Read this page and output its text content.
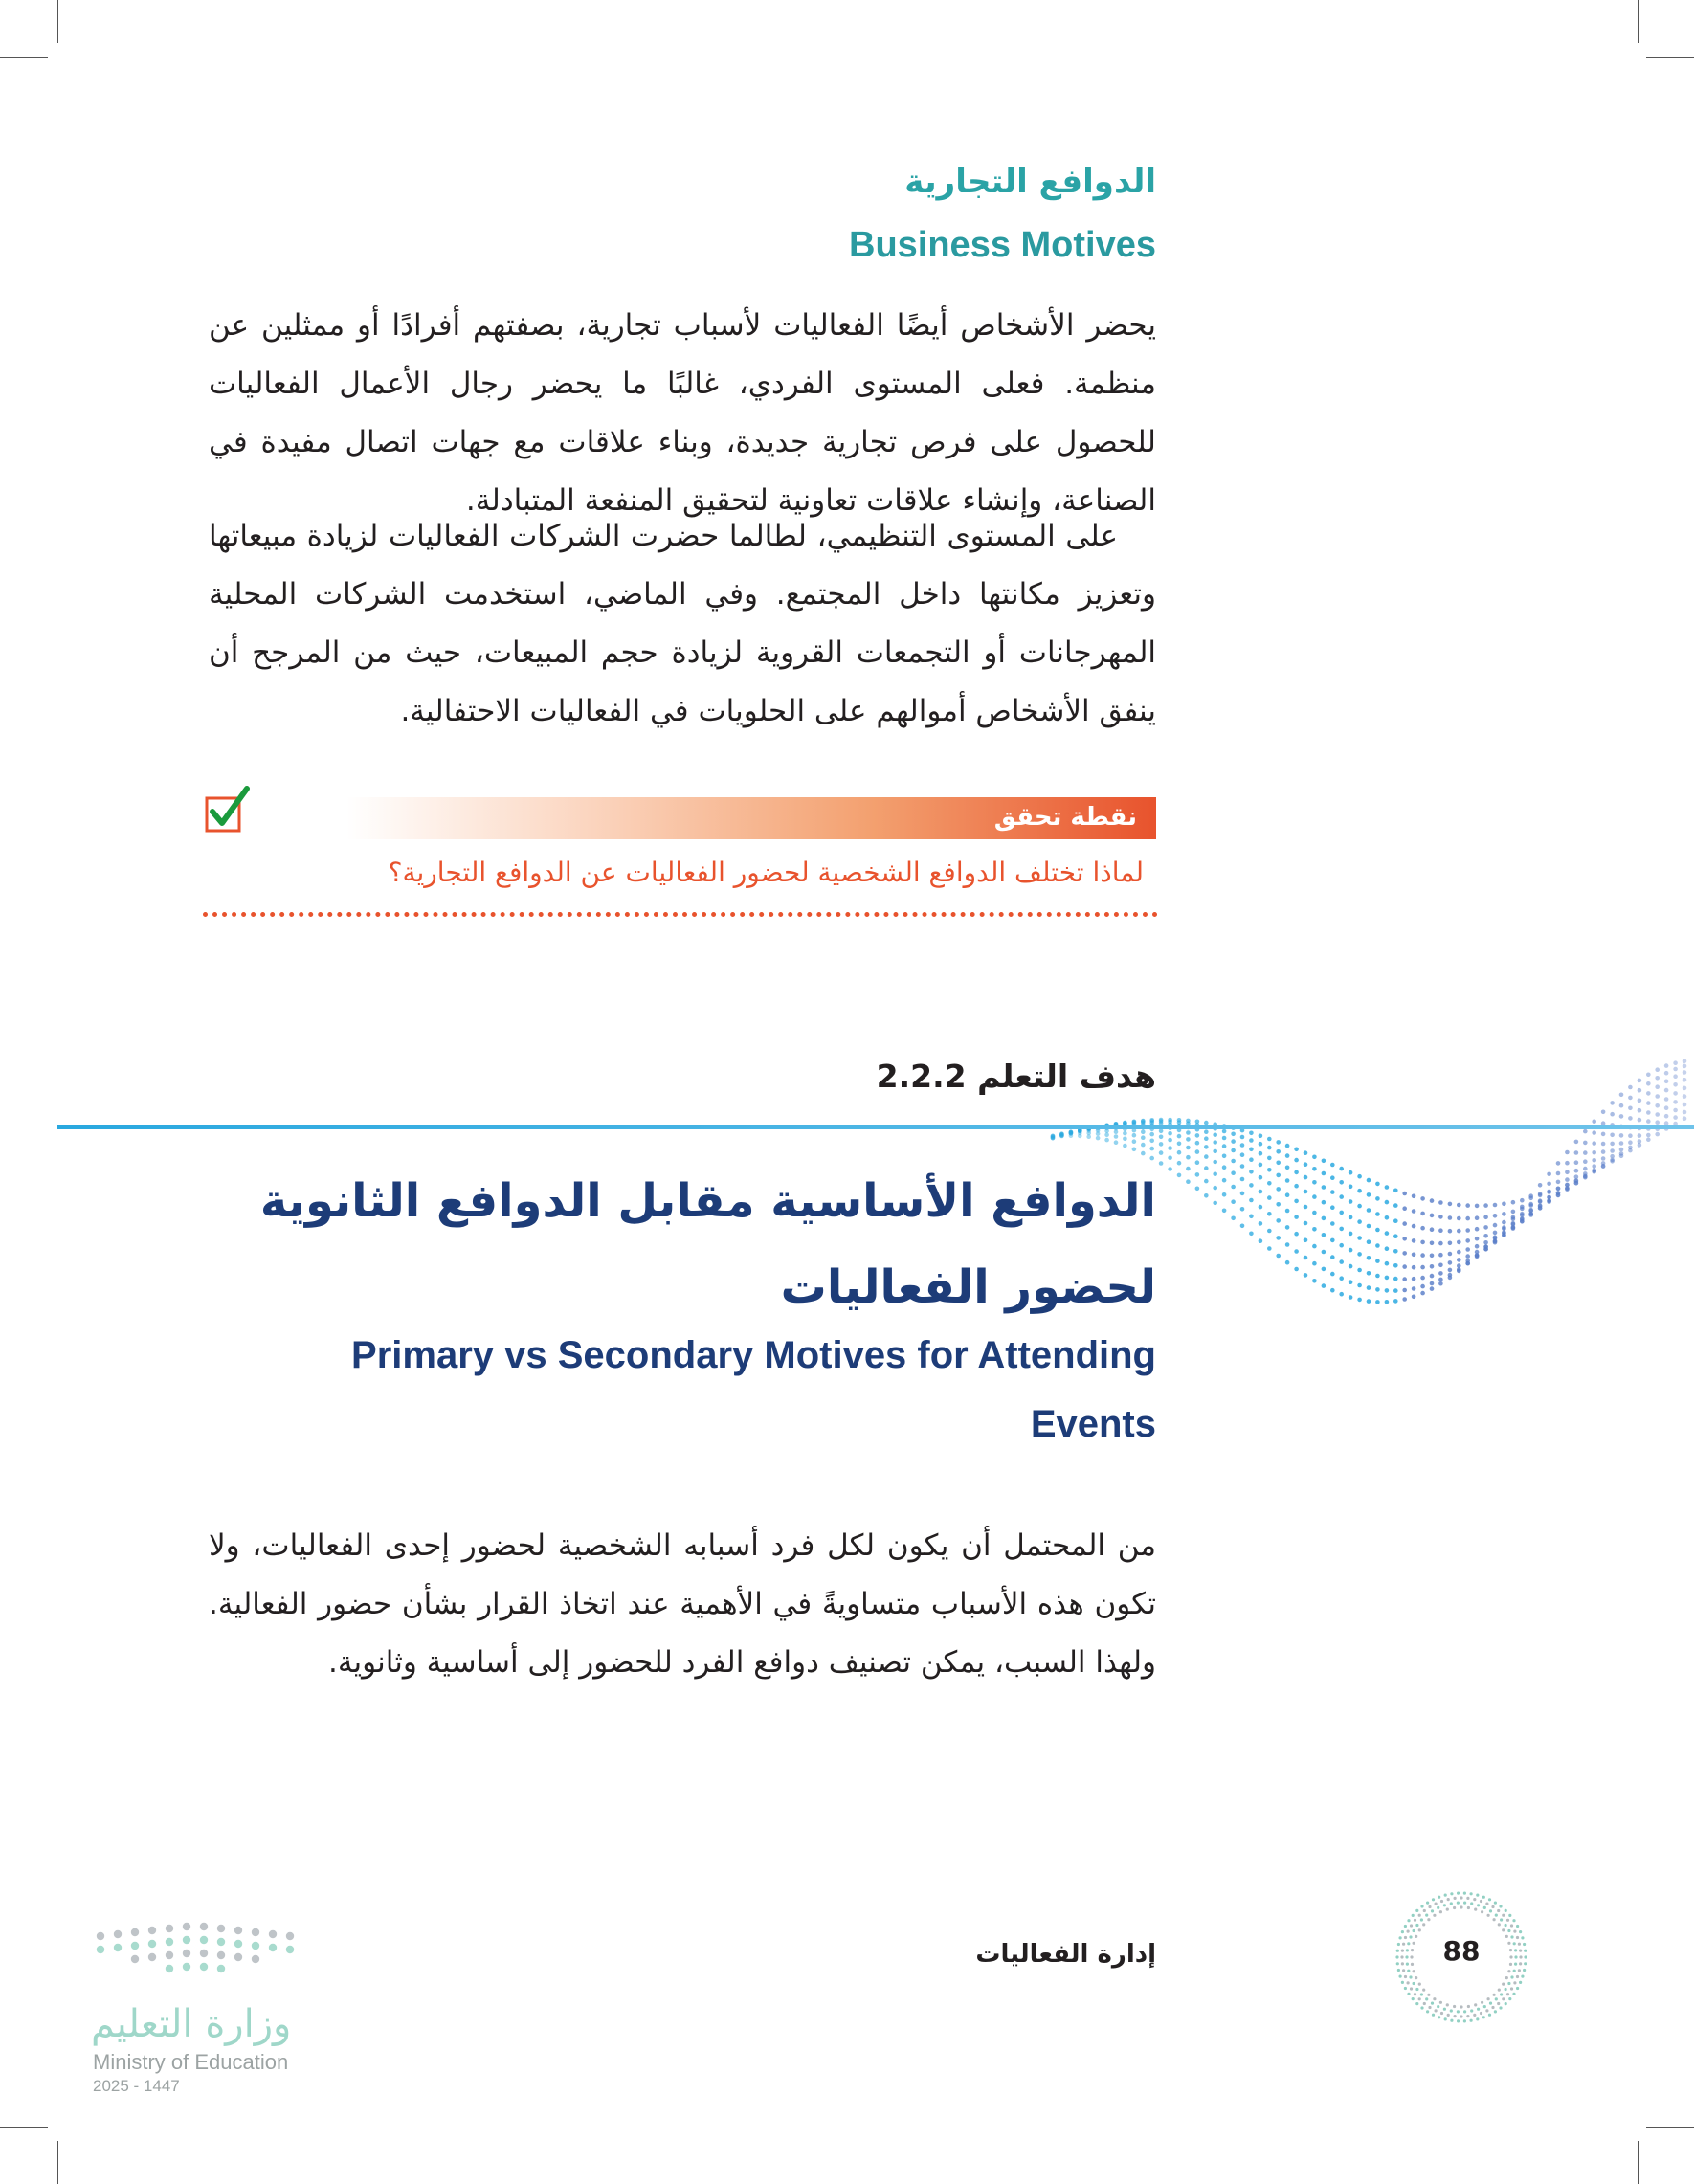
الدوافع التجارية
Business Motives

يحضر الأشخاص أيضًا الفعاليات لأسباب تجارية، بصفتهم أفرادًا أو ممثلين عن منظمة. فعلى المستوى الفردي، غالبًا ما يحضر رجال الأعمال الفعاليات للحصول على فرص تجارية جديدة، وبناء علاقات مع جهات اتصال مفيدة في الصناعة، وإنشاء علاقات تعاونية لتحقيق المنفعة المتبادلة.

على المستوى التنظيمي، لطالما حضرت الشركات الفعاليات لزيادة مبيعاتها وتعزيز مكانتها داخل المجتمع. وفي الماضي، استخدمت الشركات المحلية المهرجانات أو التجمعات القروية لزيادة حجم المبيعات، حيث من المرجح أن ينفق الأشخاص أموالهم على الحلويات في الفعاليات الاحتفالية.

نقطة تحقق
لماذا تختلف الدوافع الشخصية لحضور الفعاليات عن الدوافع التجارية؟
هدف التعلم 2.2.2
الدوافع الأساسية مقابل الدوافع الثانوية
لحضور الفعاليات
Primary vs Secondary Motives for Attending
Events

من المحتمل أن يكون لكل فرد أسبابه الشخصية لحضور إحدى الفعاليات، ولا تكون هذه الأسباب متساويةً في الأهمية عند اتخاذ القرار بشأن حضور الفعالية. ولهذا السبب، يمكن تصنيف دوافع الفرد للحضور إلى أساسية وثانوية.

88
إدارة الفعاليات
وزارة التعليم
Ministry of Education
2025 - 1447
